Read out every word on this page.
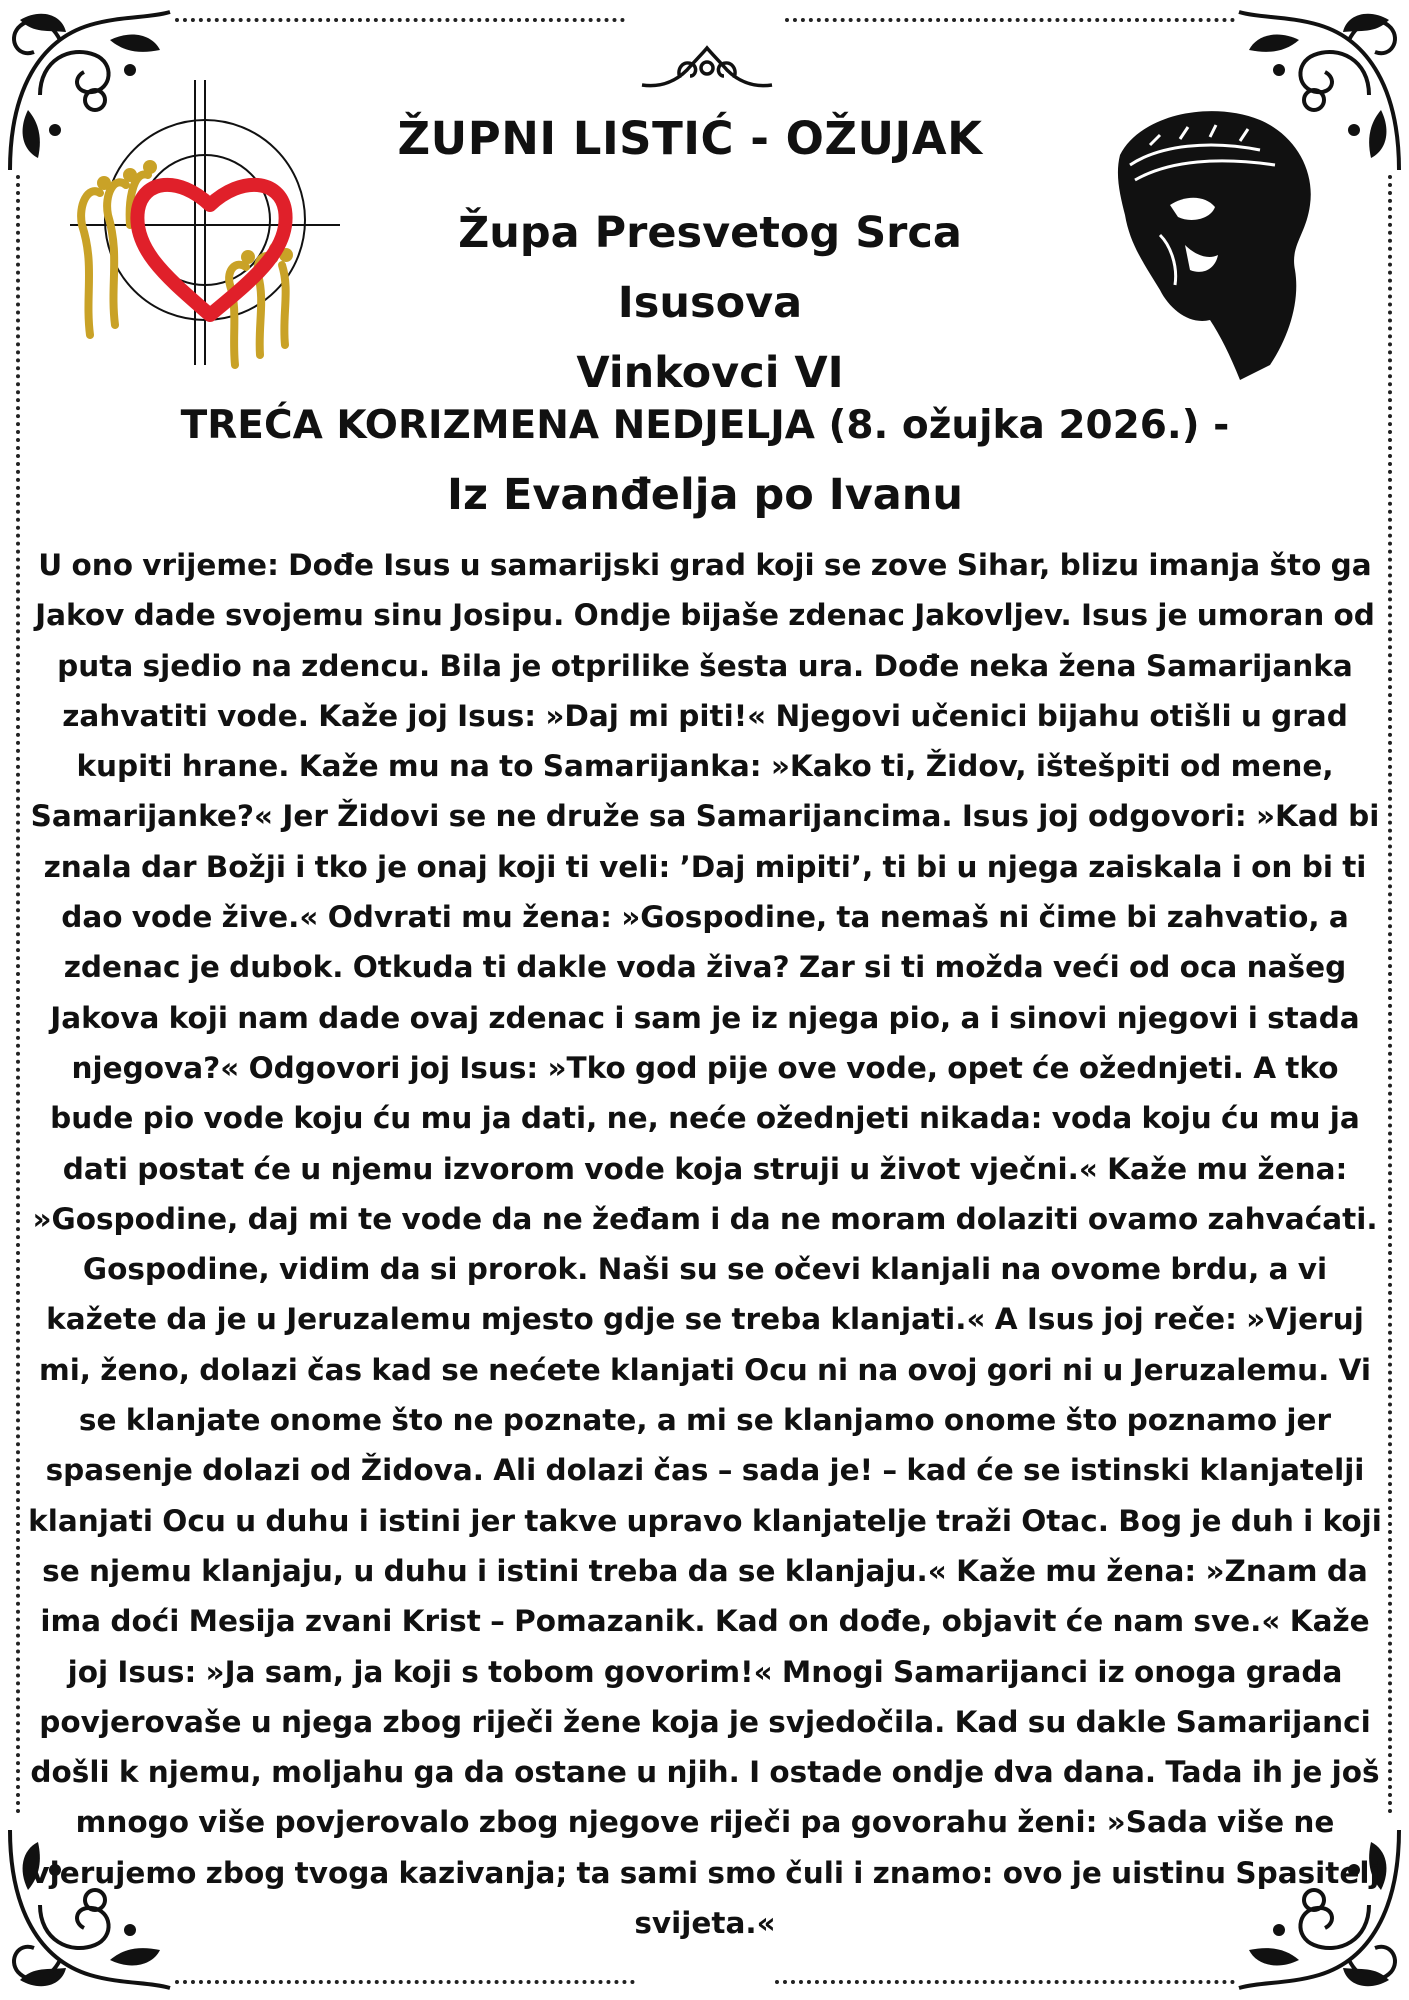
ŽUPNI LISTIĆ - OŽUJAK
Župa Presvetog Srca Isusova
Vinkovci VI
TREĆA KORIZMENA NEDJELJA (8. ožujka 2026.) -
Iz Evanđelja po Ivanu
U ono vrijeme: Dođe Isus u samarijski grad koji se zove Sihar, blizu imanja što ga Jakov dade svojemu sinu Josipu. Ondje bijaše zdenac Jakovljev. Isus je umoran od puta sjedio na zdencu. Bila je otprilike šesta ura. Dođe neka žena Samarijanka zahvatiti vode. Kaže joj Isus: »Daj mi piti!« Njegovi učenici bijahu otišli u grad kupiti hrane. Kaže mu na to Samarijanka: »Kako ti, Židov, ištešpiti od mene, Samarijanke?« Jer Židovi se ne druže sa Samarijancima. Isus joj odgovori: »Kad bi znala dar Božji i tko je onaj koji ti veli: ’Daj mipiti’, ti bi u njega zaiskala i on bi ti dao vode žive.« Odvrati mu žena: »Gospodine, ta nemaš ni čime bi zahvatio, a zdenac je dubok. Otkuda ti dakle voda živa? Zar si ti možda veći od oca našeg Jakova koji nam dade ovaj zdenac i sam je iz njega pio, a i sinovi njegovi i stada njegova?« Odgovori joj Isus: »Tko god pije ove vode, opet će ožednjeti. A tko bude pio vode koju ću mu ja dati, ne, neće ožednjeti nikada: voda koju ću mu ja dati postat će u njemu izvorom vode koja struji u život vječni.« Kaže mu žena: »Gospodine, daj mi te vode da ne žeđam i da ne moram dolaziti ovamo zahvaćati. Gospodine, vidim da si prorok. Naši su se očevi klanjali na ovome brdu, a vi kažete da je u Jeruzalemu mjesto gdje se treba klanjati.« A Isus joj reče: »Vjeruj mi, ženo, dolazi čas kad se nećete klanjati Ocu ni na ovoj gori ni u Jeruzalemu. Vi se klanjate onome što ne poznate, a mi se klanjamo onome što poznamo jer spasenje dolazi od Židova. Ali dolazi čas – sada je! – kad će se istinski klanjatelji klanjati Ocu u duhu i istini jer takve upravo klanjatelje traži Otac. Bog je duh i koji se njemu klanjaju, u duhu i istini treba da se klanjaju.« Kaže mu žena: »Znam da ima doći Mesija zvani Krist – Pomazanik. Kad on dođe, objavit će nam sve.« Kaže joj Isus: »Ja sam, ja koji s tobom govorim!« Mnogi Samarijanci iz onoga grada povjerovaše u njega zbog riječi žene koja je svjedočila. Kad su dakle Samarijanci došli k njemu, moljahu ga da ostane u njih. I ostade ondje dva dana. Tada ih je još mnogo više povjerovalo zbog njegove riječi pa govorahu ženi: »Sada više ne vjerujemo zbog tvoga kazivanja; ta sami smo čuli i znamo: ovo je uistinu Spasitelj svijeta.«
